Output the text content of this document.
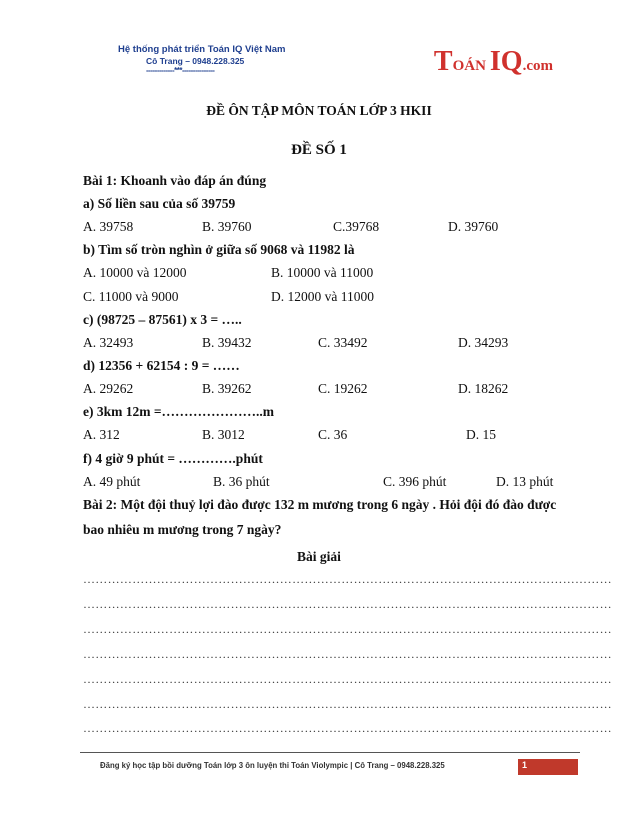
Hệ thống phát triển Toán IQ Việt Nam
Cô Trang – 0948.228.325
-------------***---------------	TOÁN IQ.com
ĐỀ ÔN TẬP MÔN TOÁN LỚP 3 HKII
ĐỀ SỐ 1
Bài 1: Khoanh vào đáp án đúng
a) Số liền sau của số 39759
A. 39758	B. 39760	C.39768	D. 39760
b) Tìm số tròn nghìn ở giữa số 9068 và 11982 là
A. 10000 và 12000	B. 10000 và 11000
C. 11000 và 9000	D. 12000 và 11000
c) (98725 – 87561) x 3 = …..
A. 32493	B. 39432	C. 33492	D. 34293
d) 12356 + 62154 : 9 = ……
A. 29262	B. 39262	C. 19262	D. 18262
e) 3km 12m =…………………..m
A. 312	B. 3012	C. 36	D. 15
f) 4 giờ 9 phút = ………….phút
A. 49 phút	B. 36 phút	C. 396 phút	D. 13 phút
Bài 2: Một đội thuỷ lợi đào được 132 m mương trong 6 ngày . Hỏi đội đó đào được
bao nhiêu m mương trong 7 ngày?
Bài giải
…………………………………………………………………………………………………………………
…………………………………………………………………………………………………………………
…………………………………………………………………………………………………………………
…………………………………………………………………………………………………………………
…………………………………………………………………………………………………………………
…………………………………………………………………………………………………………………
…………………………………………………………………………………………………………………
Đăng ký học tập bồi dưỡng Toán lớp 3 ôn luyện thi Toán Violympic | Cô Trang – 0948.228.325	1
